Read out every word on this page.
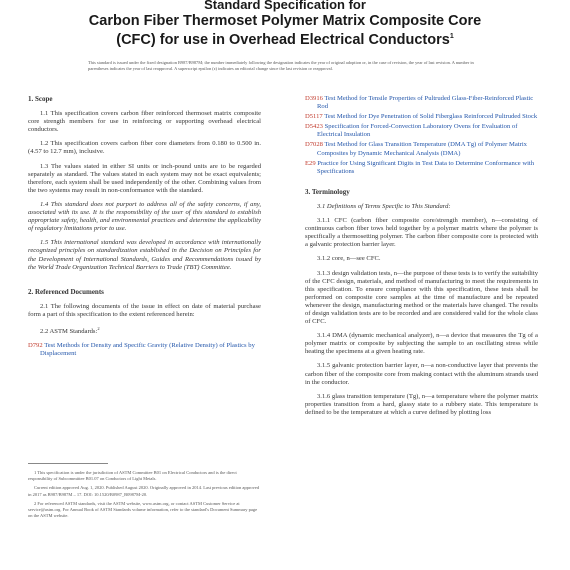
Standard Specification for
Carbon Fiber Thermoset Polymer Matrix Composite Core
(CFC) for use in Overhead Electrical Conductors$^1$
This standard is issued under the fixed designation B987/B987M; the number immediately following the designation indicates the year of original adoption or, in the case of revision, the year of last revision. A number in parentheses indicates the year of last reapproval. A superscript epsilon (ε) indicates an editorial change since the last revision or reapproval.
1. Scope
1.1 This specification covers carbon fiber reinforced thermoset matrix composite core strength members for use in reinforcing or supporting overhead electrical conductors.
1.2 This specification covers carbon fiber core diameters from 0.180 to 0.500 in. (4.57 to 12.7 mm), inclusive.
1.3 The values stated in either SI units or inch-pound units are to be regarded separately as standard. The values stated in each system may not be exact equivalents; therefore, each system shall be used independently of the other. Combining values from the two systems may result in non-conformance with the standard.
1.4 This standard does not purport to address all of the safety concerns, if any, associated with its use. It is the responsibility of the user of this standard to establish appropriate safety, health, and environmental practices and determine the applicability of regulatory limitations prior to use.
1.5 This international standard was developed in accordance with internationally recognized principles on standardization established in the Decision on Principles for the Development of International Standards, Guides and Recommendations issued by the World Trade Organization Technical Barriers to Trade (TBT) Committee.
2. Referenced Documents
2.1 The following documents of the issue in effect on date of material purchase form a part of this specification to the extent referenced herein:
2.2 ASTM Standards:$^2$
D792 Test Methods for Density and Specific Gravity (Relative Density) of Plastics by Displacement
1 This specification is under the jurisdiction of ASTM Committee B01 on Electrical Conductors and is the direct responsibility of Subcommittee B01.07 on Conductors of Light Metals.
Current edition approved Aug. 1, 2020. Published August 2020. Originally approved in 2014. Last previous edition approved in 2017 as B987/B987M – 17. DOI: 10.1520/B0987_B0987M-20.
2 For referenced ASTM standards, visit the ASTM website, www.astm.org, or contact ASTM Customer Service at service@astm.org. For Annual Book of ASTM Standards volume information, refer to the standard's Document Summary page on the ASTM website.
D3916 Test Method for Tensile Properties of Pultruded Glass-Fiber-Reinforced Plastic Rod
D5117 Test Method for Dye Penetration of Solid Fiberglass Reinforced Pultruded Stock
D5423 Specification for Forced-Convection Laboratory Ovens for Evaluation of Electrical Insulation
D7028 Test Method for Glass Transition Temperature (DMA Tg) of Polymer Matrix Composites by Dynamic Mechanical Analysis (DMA)
E29 Practice for Using Significant Digits in Test Data to Determine Conformance with Specifications
3. Terminology
3.1 Definitions of Terms Specific to This Standard:
3.1.1 CFC (carbon fiber composite core/strength member), n—consisting of continuous carbon fiber tows held together by a polymer matrix where the polymer is specifically a thermosetting polymer. The carbon fiber composite core is protected with a galvanic protection barrier layer.
3.1.2 core, n—see CFC.
3.1.3 design validation tests, n—the purpose of these tests is to verify the suitability of the CFC design, materials, and method of manufacturing to meet the requirements in this specification. To ensure compliance with this specification, these tests shall be performed on composite core samples at the time of manufacture and be repeated whenever the design, manufacturing method or the materials have changed. The results of design validation tests are to be recorded and are considered valid for the whole class of CFC.
3.1.4 DMA (dynamic mechanical analyzer), n—a device that measures the Tg of a polymer matrix or composite by subjecting the sample to an oscillating stress while heating the specimens at a given heating rate.
3.1.5 galvanic protection barrier layer, n—a non-conductive layer that prevents the carbon fiber of the composite core from making contact with the aluminum strands used in the conductor.
3.1.6 glass transition temperature (Tg), n—a temperature where the polymer matrix properties transition from a hard, glassy state to a rubbery state. This temperature is defined to be the temperature at which a curve defined by plotting loss
